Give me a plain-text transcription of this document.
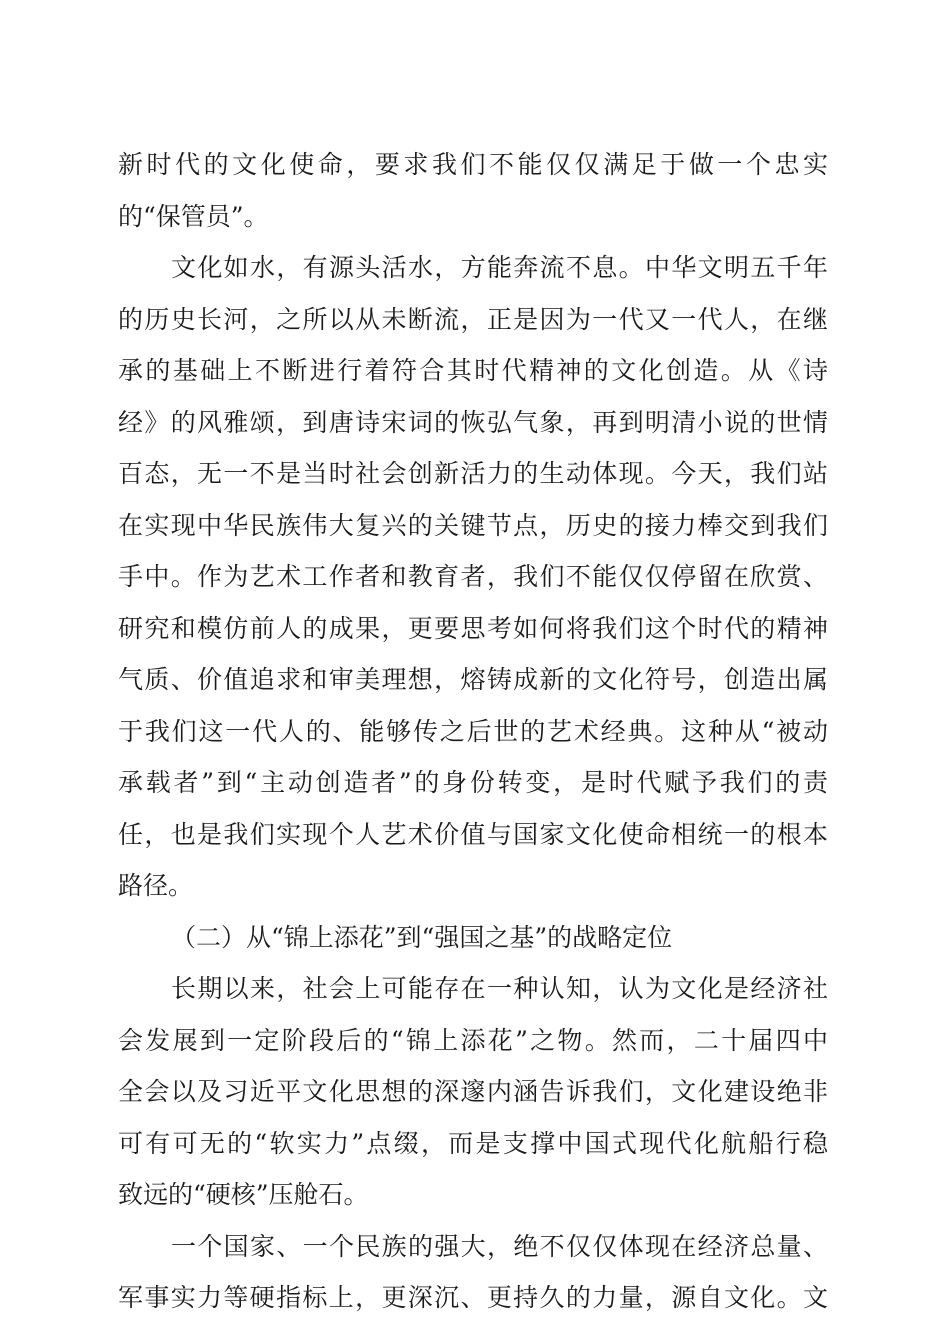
新时代的文化使命，要求我们不能仅仅满足于做一个忠实
的“保管员”。
文化如水，有源头活水，方能奔流不息。中华文明五千年
的历史长河，之所以从未断流，正是因为一代又一代人，在继
承的基础上不断进行着符合其时代精神的文化创造。从《诗
经》的风雅颂，到唐诗宋词的恢弘气象，再到明清小说的世情
百态，无一不是当时社会创新活力的生动体现。今天，我们站
在实现中华民族伟大复兴的关键节点，历史的接力棒交到我们
手中。作为艺术工作者和教育者，我们不能仅仅停留在欣赏、
研究和模仿前人的成果，更要思考如何将我们这个时代的精神
气质、价值追求和审美理想，熔铸成新的文化符号，创造出属
于我们这一代人的、能够传之后世的艺术经典。这种从“被动
承载者”到“主动创造者”的身份转变，是时代赋予我们的责
任，也是我们实现个人艺术价值与国家文化使命相统一的根本
路径。
（二）从“锦上添花”到“强国之基”的战略定位
长期以来，社会上可能存在一种认知，认为文化是经济社
会发展到一定阶段后的“锦上添花”之物。然而，二十届四中
全会以及习近平文化思想的深邃内涵告诉我们，文化建设绝非
可有可无的“软实力”点缀，而是支撑中国式现代化航船行稳
致远的“硬核”压舱石。
一个国家、一个民族的强大，绝不仅仅体现在经济总量、
军事实力等硬指标上，更深沉、更持久的力量，源自文化。文
